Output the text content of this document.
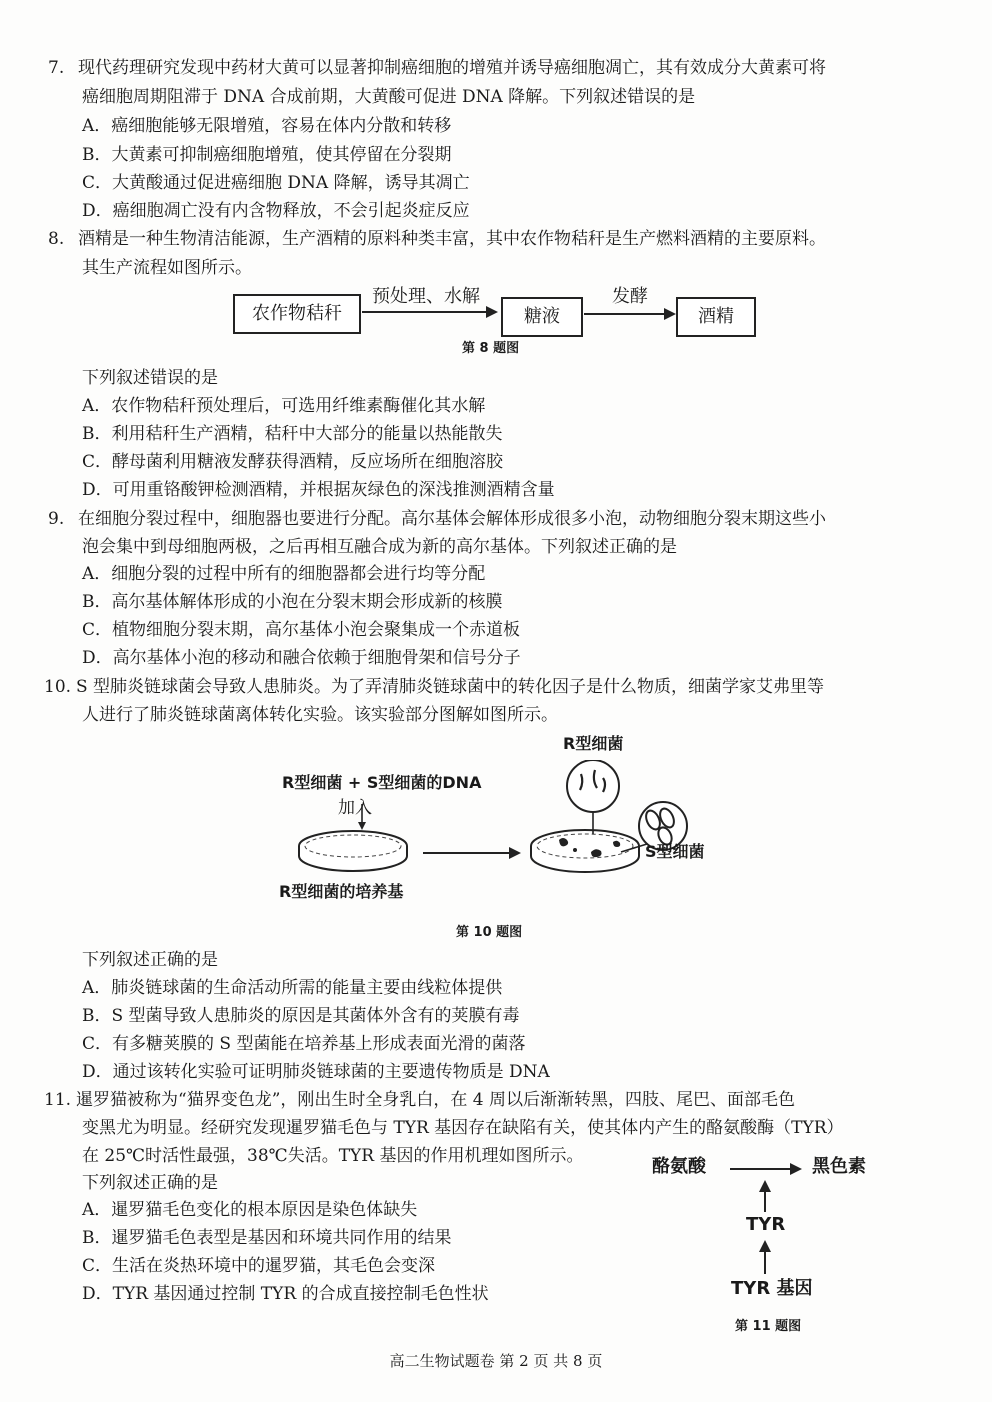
7. 现代药理研究发现中药材大黄可以显著抑制癌细胞的增殖并诱导癌细胞凋亡，其有效成分大黄素可将
癌细胞周期阻滞于 DNA 合成前期，大黄酸可促进 DNA 降解。下列叙述错误的是
A．癌细胞能够无限增殖，容易在体内分散和转移
B．大黄素可抑制癌细胞增殖，使其停留在分裂期
C．大黄酸通过促进癌细胞 DNA 降解，诱导其凋亡
D．癌细胞凋亡没有内含物释放，不会引起炎症反应
8. 酒精是一种生物清洁能源，生产酒精的原料种类丰富，其中农作物秸秆是生产燃料酒精的主要原料。
其生产流程如图所示。
农作物秸秆
预处理、水解
糖液
发酵
酒精
第 8 题图
下列叙述错误的是
A．农作物秸秆预处理后，可选用纤维素酶催化其水解
B．利用秸秆生产酒精，秸秆中大部分的能量以热能散失
C．酵母菌利用糖液发酵获得酒精，反应场所在细胞溶胶
D．可用重铬酸钾检测酒精，并根据灰绿色的深浅推测酒精含量
9. 在细胞分裂过程中，细胞器也要进行分配。高尔基体会解体形成很多小泡，动物细胞分裂末期这些小
泡会集中到母细胞两极，之后再相互融合成为新的高尔基体。下列叙述正确的是
A．细胞分裂的过程中所有的细胞器都会进行均等分配
B．高尔基体解体形成的小泡在分裂末期会形成新的核膜
C．植物细胞分裂末期，高尔基体小泡会聚集成一个赤道板
D．高尔基体小泡的移动和融合依赖于细胞骨架和信号分子
10. S 型肺炎链球菌会导致人患肺炎。为了弄清肺炎链球菌中的转化因子是什么物质，细菌学家艾弗里等
人进行了肺炎链球菌离体转化实验。该实验部分图解如图所示。
R型细菌
R型细菌 + S型细菌的DNA
加入
S型细菌
R型细菌的培养基
第 10 题图
下列叙述正确的是
A．肺炎链球菌的生命活动所需的能量主要由线粒体提供
B．S 型菌导致人患肺炎的原因是其菌体外含有的荚膜有毒
C．有多糖荚膜的 S 型菌能在培养基上形成表面光滑的菌落
D．通过该转化实验可证明肺炎链球菌的主要遗传物质是 DNA
11. 暹罗猫被称为“猫界变色龙”，刚出生时全身乳白，在 4 周以后渐渐转黑，四肢、尾巴、面部毛色
变黑尤为明显。经研究发现暹罗猫毛色与 TYR 基因存在缺陷有关，使其体内产生的酪氨酸酶（TYR）
在 25℃时活性最强，38℃失活。TYR 基因的作用机理如图所示。
下列叙述正确的是
A．暹罗猫毛色变化的根本原因是染色体缺失
B．暹罗猫毛色表型是基因和环境共同作用的结果
C．生活在炎热环境中的暹罗猫，其毛色会变深
D．TYR 基因通过控制 TYR 的合成直接控制毛色性状
酪氨酸	黑色素
TYR
TYR 基因
第 11 题图
高二生物试题卷 第 2 页 共 8 页
